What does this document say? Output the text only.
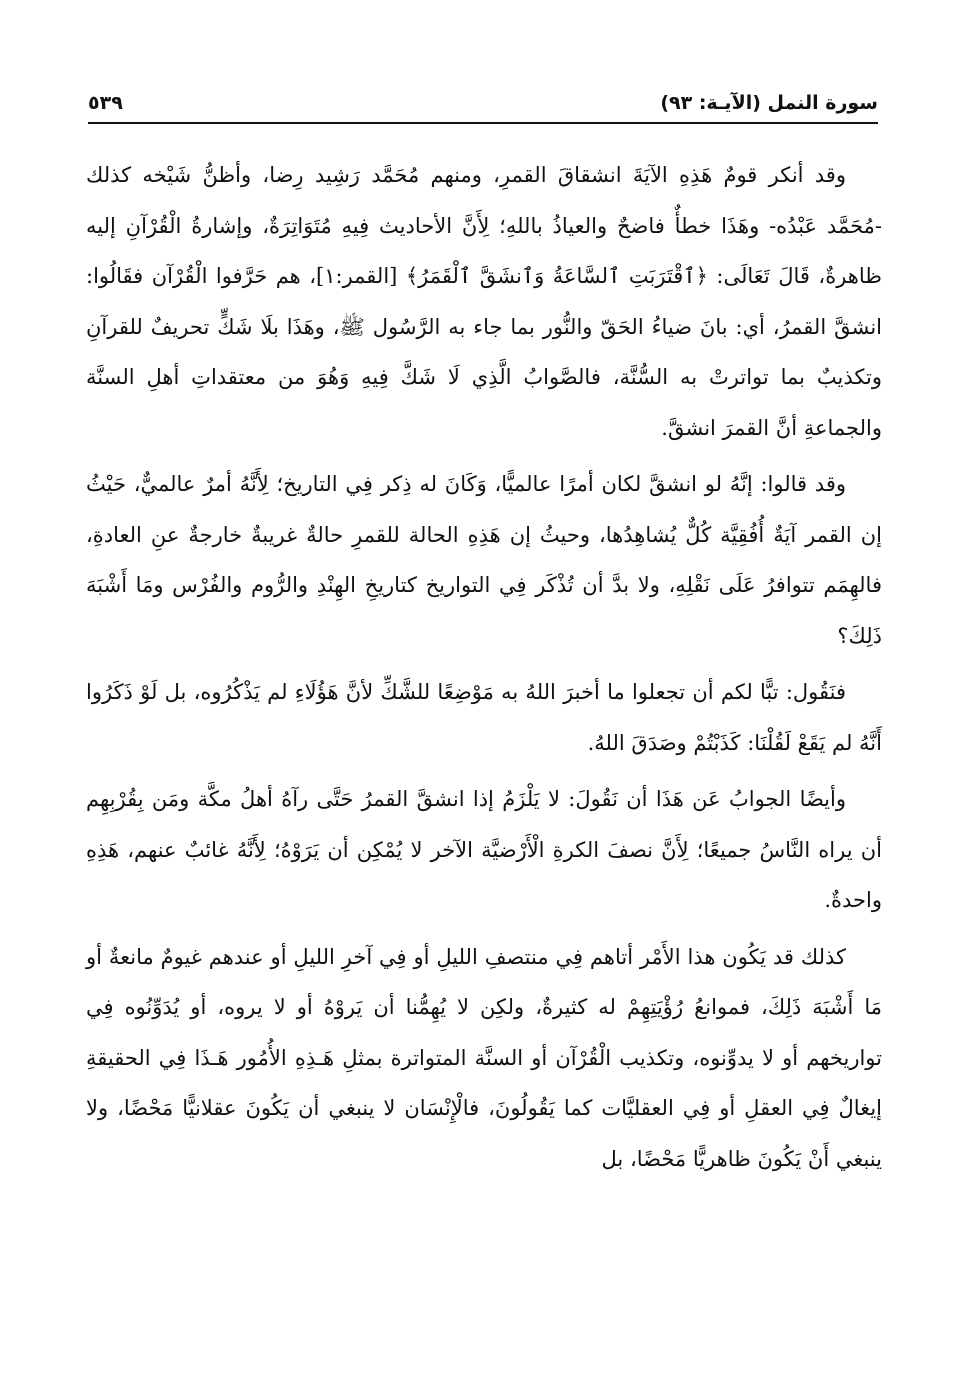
سورة النمل (الآيـة: ٩٣)
٥٣٩

وقد أنكر قومٌ هَذِهِ الآيَةَ انشقاقَ القمرِ، ومنهم مُحَمَّد رَشِيد رِضا، وأظنُّ شَيْخه كذلك -مُحَمَّد عَبْدُه- وهَذَا خطأٌ فاضحٌ والعياذُ باللهِ؛ لِأَنَّ الأحاديث فِيهِ مُتَوَاتِرَةٌ، وإشارةُ الْقُرْآنِ إليه ظاهرةٌ، قَالَ تَعَالَى: ﴿ٱقْتَرَبَتِ ٱلسَّاعَةُ وَٱنشَقَّ ٱلْقَمَرُ﴾ [القمر:١]، هم حَرَّفوا الْقُرْآن فقَالُوا: انشقَّ القمرُ، أي: بانَ ضياءُ الحَقّ والنُّور بما جاء به الرَّسُول ﷺ، وهَذَا بلَا شَكٍّ تحريفٌ للقرآنِ وتكذيبٌ بما تواترتْ به السُّنَّة، فالصَّوابُ الَّذِي لَا شَكَّ فِيهِ وَهُوَ من معتقداتِ أهلِ السنَّة والجماعةِ أنَّ القمرَ انشقَّ.

وقد قالوا: إنَّهُ لو انشقَّ لكان أمرًا عالميًّا، وَكَانَ له ذِكر فِي التاريخ؛ لِأَنَّهُ أمرٌ عالميٌّ، حَيْثُ إن القمر آيَةٌ أُفُقِيَّة كُلٌّ يُشاهِدُها، وحيثُ إن هَذِهِ الحالة للقمرِ حالةٌ غريبةٌ خارجةٌ عنِ العادةِ، فالهِمَم تتوافرُ عَلَى نَقْلِهِ، ولا بدَّ أن تُذْكَر فِي التواريخ كتاريخِ الهِنْدِ والرُّوم والفُرْس ومَا أَشْبَهَ ذَلِكَ؟

فنَقُول: تبًّا لكم أن تجعلوا ما أخبرَ اللهُ به مَوْضِعًا للشَّكِّ لأنَّ هَؤُلَاءِ لم يَذْكُرُوه، بل لَوْ ذَكَرُوا أَنَّهُ لم يَقَعْ لَقُلْنَا: كَذَبْتُمْ وصَدَقَ اللهُ.

وأيضًا الجوابُ عَن هَذَا أن نَقُولَ: لا يَلْزَمُ إذا انشقَّ القمرُ حَتَّى رآهُ أهلُ مكَّة ومَن بِقُرْبِهِم أن يراه النَّاسُ جميعًا؛ لِأَنَّ نصفَ الكرةِ الْأَرْضيَّة الآخر لا يُمْكِن أن يَرَوْهُ؛ لِأَنَّهُ غائبٌ عنهم، هَذِهِ واحدةٌ.

كذلك قد يَكُون هذا الأَمْر أتاهم فِي منتصفِ الليلِ أو فِي آخرِ الليلِ أو عندهم غيومٌ مانعةٌ أو مَا أَشْبَهَ ذَلِكَ، فموانعُ رُؤْيَتِهِمْ له كثيرةٌ، ولكِن لا يُهِمُّنا أن يَروْهُ أو لا يروه، أو يُدَوِّنُوه فِي تواريخهم أو لا يدوِّنوه، وتكذيب الْقُرْآن أو السنَّة المتواترة بمثلِ هَـذِهِ الأُمُور هَـذَا فِي الحقيقةِ إيغالٌ فِي العقلِ أو فِي العقليَّات كما يَقُولُونَ، فالْإِنْسَان لا ينبغي أن يَكُونَ عقلانيًّا مَحْضًا، ولا ينبغي أَنْ يَكُونَ ظاهريًّا مَحْضًا، بل
